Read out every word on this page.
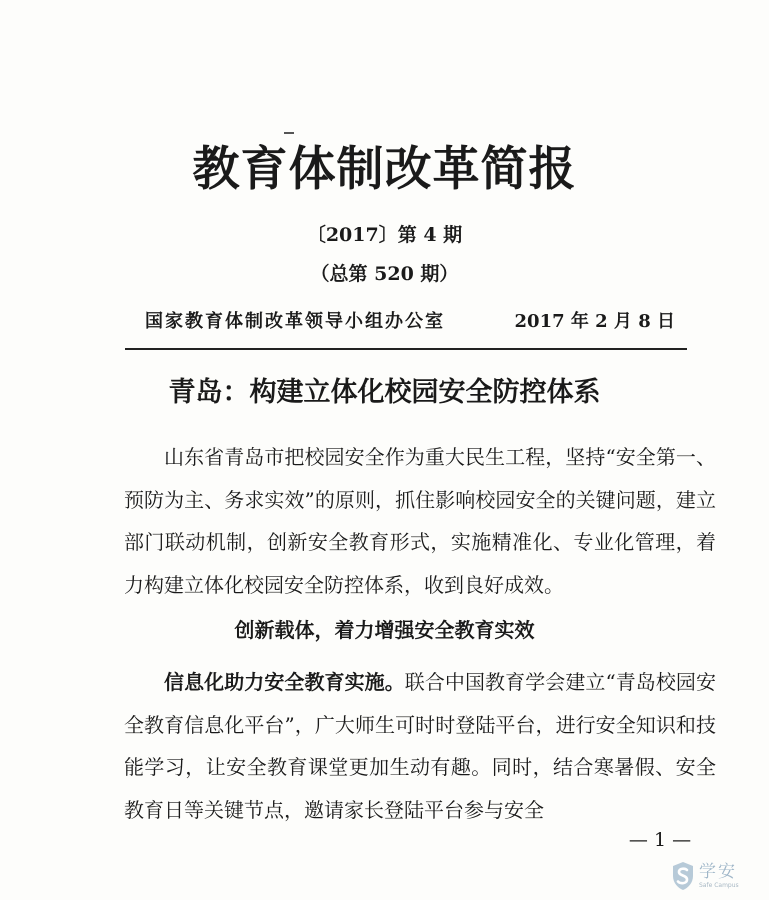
教育体制改革简报
〔2017〕第 4 期
（总第 520 期）
国家教育体制改革领导小组办公室	2017 年 2 月 8 日
青岛：构建立体化校园安全防控体系

山东省青岛市把校园安全作为重大民生工程，坚持“安全第一、预防为主、务求实效”的原则，抓住影响校园安全的关键问题，建立部门联动机制，创新安全教育形式，实施精准化、专业化管理，着力构建立体化校园安全防控体系，收到良好成效。

创新载体，着力增强安全教育实效

信息化助力安全教育实施。联合中国教育学会建立“青岛校园安全教育信息化平台”，广大师生可时时登陆平台，进行安全知识和技能学习，让安全教育课堂更加生动有趣。同时，结合寒暑假、安全教育日等关键节点，邀请家长登陆平台参与安全

— 1 —
学安
Safe Campus
